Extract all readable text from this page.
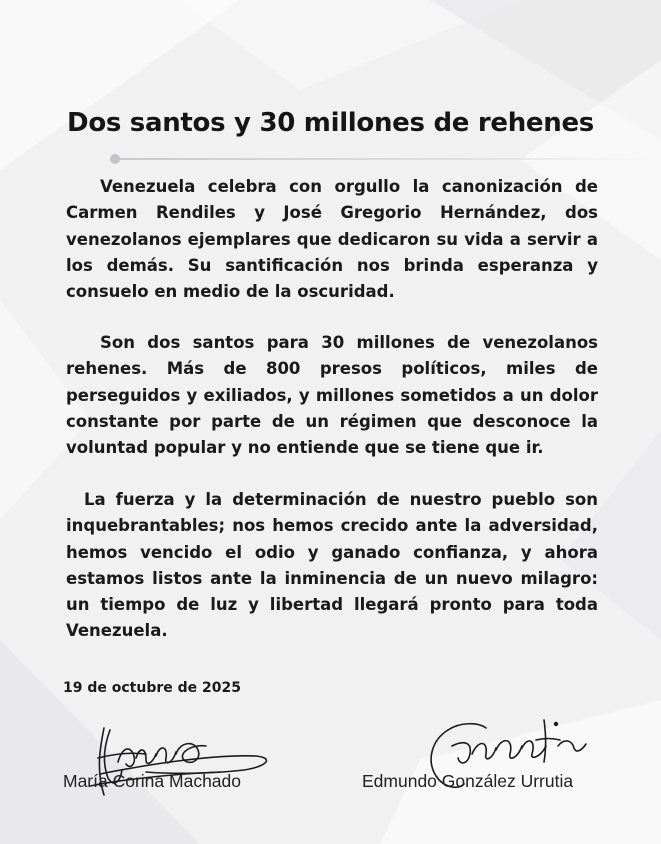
Dos santos y 30 millones de rehenes

Venezuela celebra con orgullo la canonización de Carmen Rendiles y José Gregorio Hernández, dos venezolanos ejemplares que dedicaron su vida a servir a los demás. Su santificación nos brinda esperanza y consuelo en medio de la oscuridad.

Son dos santos para 30 millones de venezolanos rehenes. Más de 800 presos políticos, miles de perseguidos y exiliados, y millones sometidos a un dolor constante por parte de un régimen que desconoce la voluntad popular y no entiende que se tiene que ir.

La fuerza y la determinación de nuestro pueblo son inquebrantables; nos hemos crecido ante la adversidad, hemos vencido el odio y ganado confianza, y ahora estamos listos ante la inminencia de un nuevo milagro: un tiempo de luz y libertad llegará pronto para toda Venezuela.

19 de octubre de 2025

María Corina Machado	Edmundo González Urrutia
